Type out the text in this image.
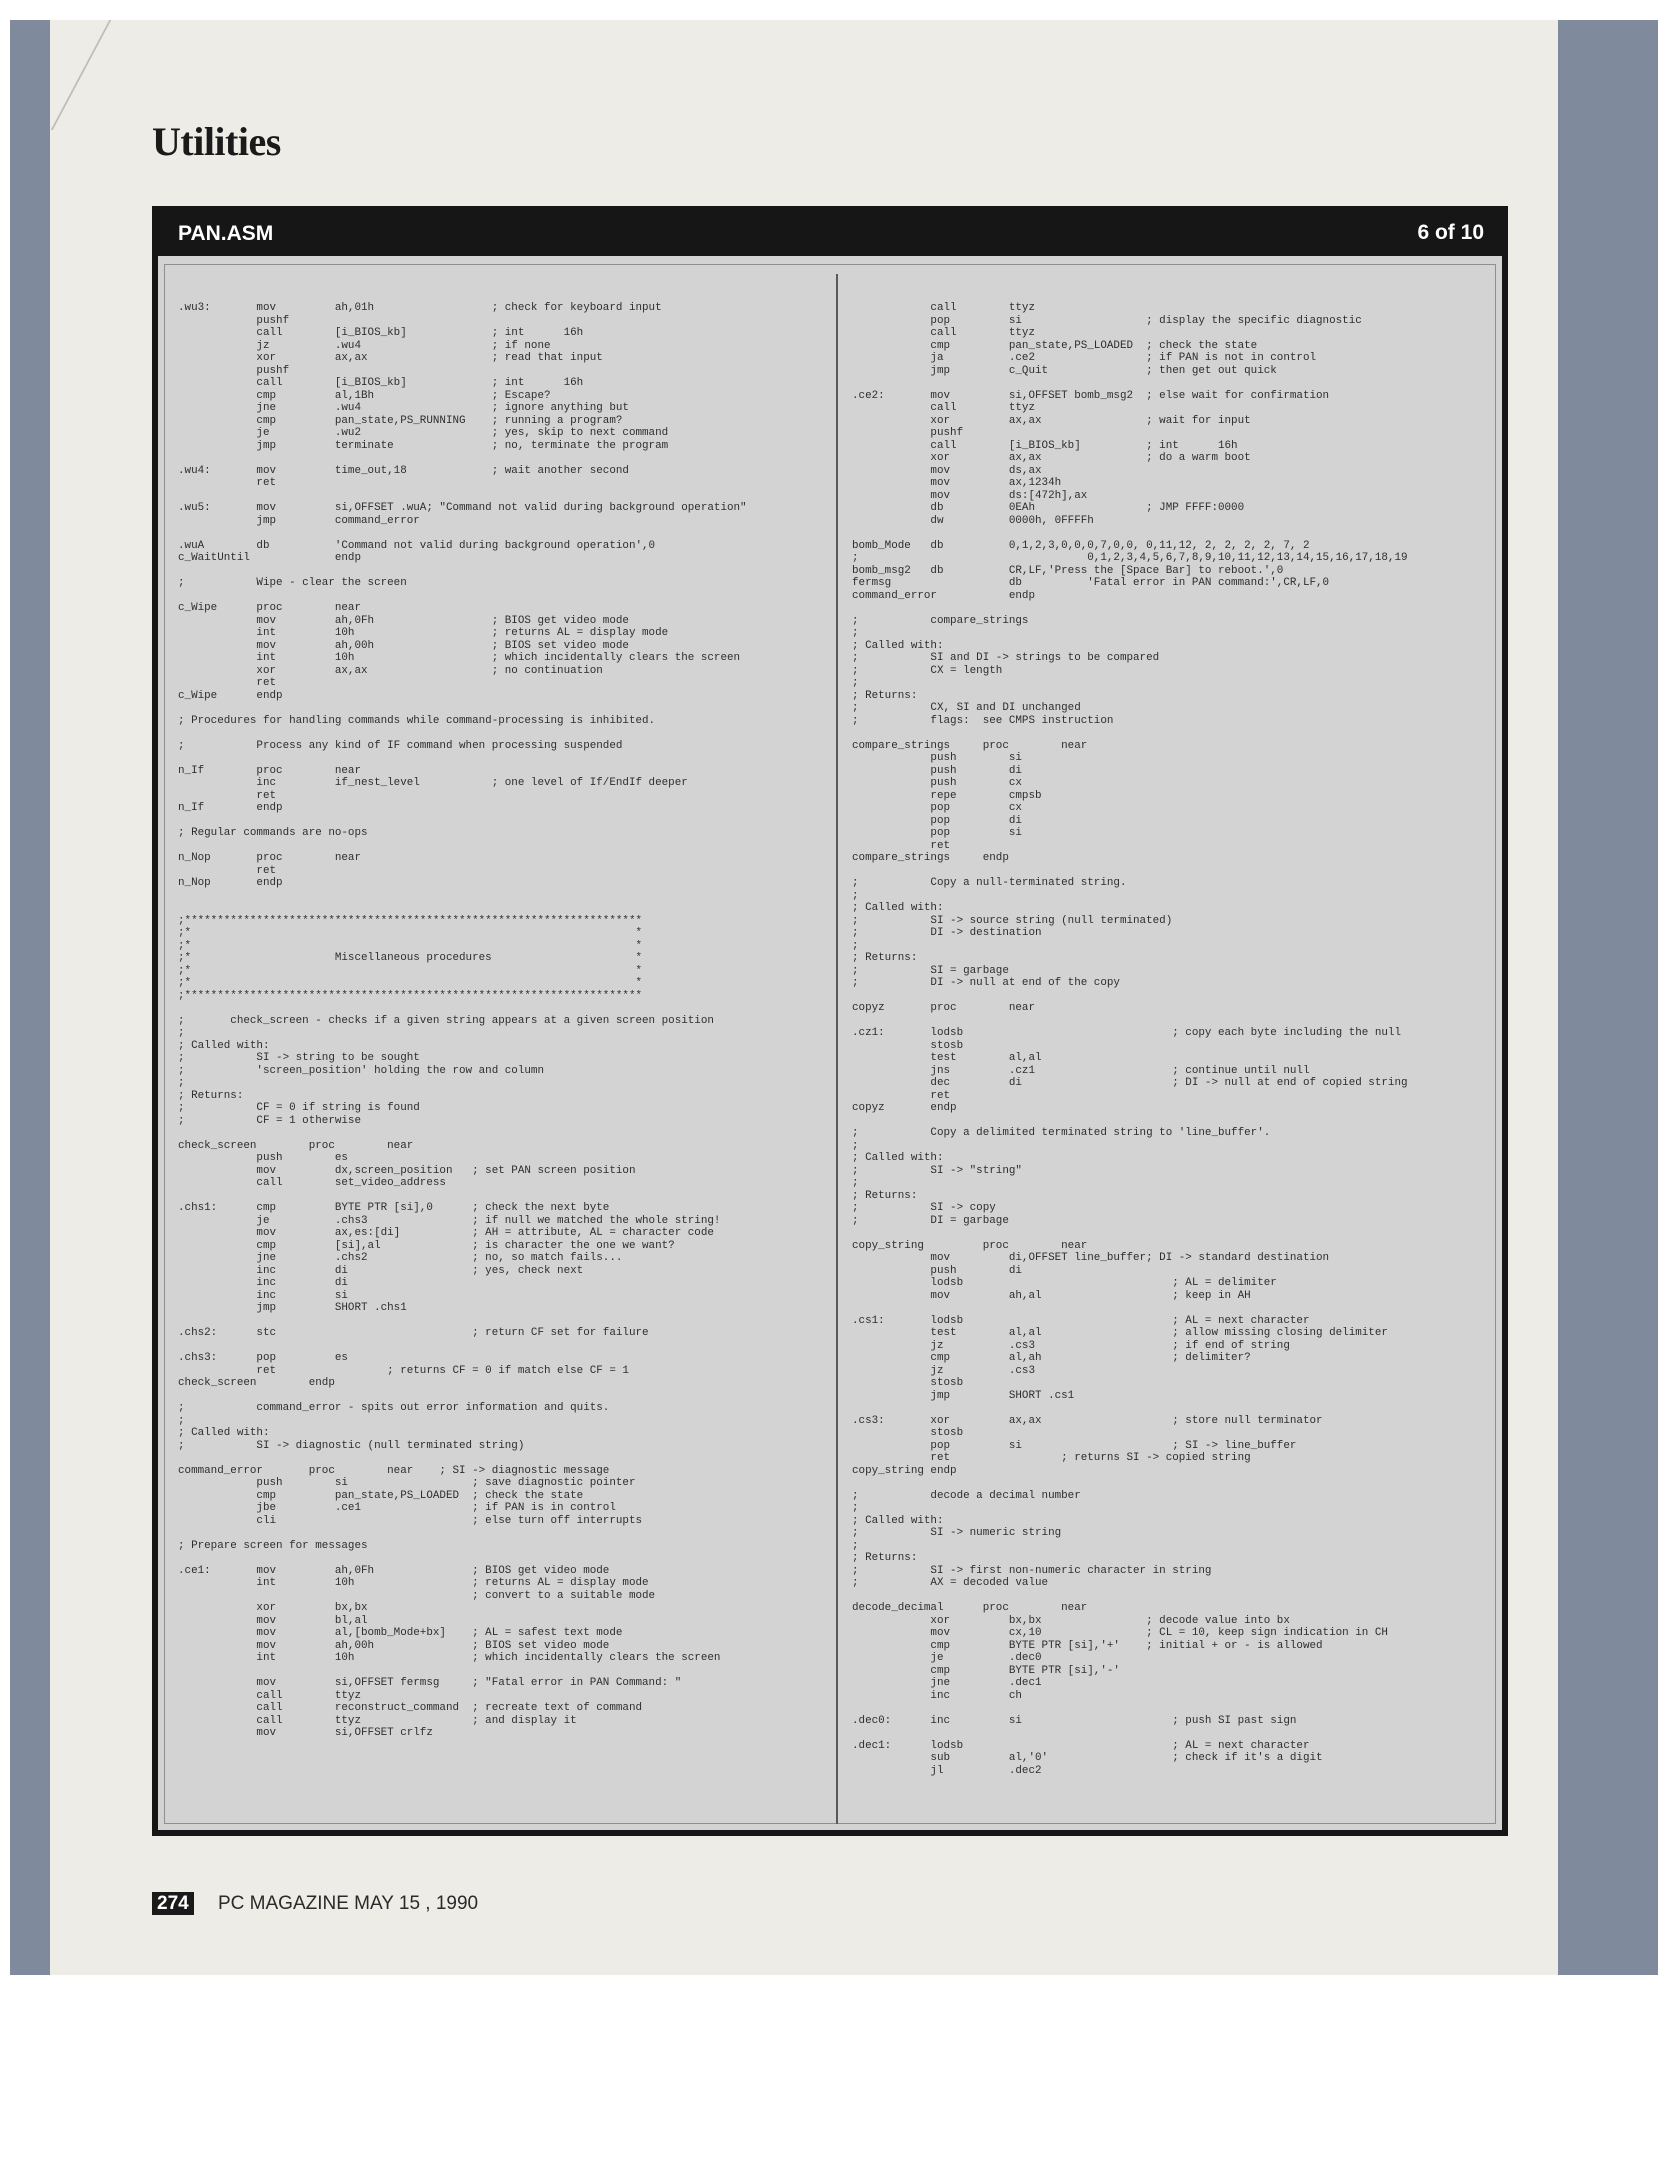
Utilities
PAN.ASM	6 of 10
.wu3:       mov         ah,01h                  ; check for keyboard input
pushf
call        [i_BIOS_kb]             ; int      16h
jz          .wu4                    ; if none
xor         ax,ax                   ; read that input
pushf
call        [i_BIOS_kb]             ; int      16h
cmp         al,1Bh                  ; Escape?
jne         .wu4                    ; ignore anything but
cmp         pan_state,PS_RUNNING    ; running a program?
je          .wu2                    ; yes, skip to next command
jmp         terminate               ; no, terminate the program

.wu4:       mov         time_out,18             ; wait another second
ret

.wu5:       mov         si,OFFSET .wuA; "Command not valid during background operation"
jmp         command_error

.wuA        db          'Command not valid during background operation',0
c_WaitUntil             endp

;           Wipe - clear the screen

c_Wipe      proc        near
mov         ah,0Fh                  ; BIOS get video mode
int         10h                     ; returns AL = display mode
mov         ah,00h                  ; BIOS set video mode
int         10h                     ; which incidentally clears the screen
xor         ax,ax                   ; no continuation
ret
c_Wipe      endp

; Procedures for handling commands while command-processing is inhibited.

;           Process any kind of IF command when processing suspended

n_If        proc        near
inc         if_nest_level           ; one level of If/EndIf deeper
ret
n_If        endp

; Regular commands are no-ops

n_Nop       proc        near
ret
n_Nop       endp

;**********************************************************************
;*                                                                    *
;*                                                                    *
;*                      Miscellaneous procedures                      *
;*                                                                    *
;*                                                                    *
;**********************************************************************

;       check_screen - checks if a given string appears at a given screen position
;
; Called with:
;           SI -> string to be sought
;           'screen_position' holding the row and column
;
; Returns:
;           CF = 0 if string is found
;           CF = 1 otherwise

check_screen        proc        near
push        es
mov         dx,screen_position   ; set PAN screen position
call        set_video_address

.chs1:      cmp         BYTE PTR [si],0      ; check the next byte
je          .chs3                ; if null we matched the whole string!
mov         ax,es:[di]           ; AH = attribute, AL = character code
cmp         [si],al              ; is character the one we want?
jne         .chs2                ; no, so match fails...
inc         di                   ; yes, check next
inc         di
inc         si
jmp         SHORT .chs1

.chs2:      stc                              ; return CF set for failure

.chs3:      pop         es
ret                 ; returns CF = 0 if match else CF = 1
check_screen        endp

;           command_error - spits out error information and quits.
;
; Called with:
;           SI -> diagnostic (null terminated string)

command_error       proc        near    ; SI -> diagnostic message
push        si                   ; save diagnostic pointer
cmp         pan_state,PS_LOADED  ; check the state
jbe         .ce1                 ; if PAN is in control
cli                              ; else turn off interrupts

; Prepare screen for messages

.ce1:       mov         ah,0Fh               ; BIOS get video mode
int         10h                  ; returns AL = display mode
; convert to a suitable mode
xor         bx,bx
mov         bl,al
mov         al,[bomb_Mode+bx]    ; AL = safest text mode
mov         ah,00h               ; BIOS set video mode
int         10h                  ; which incidentally clears the screen

mov         si,OFFSET fermsg     ; "Fatal error in PAN Command: "
call        ttyz
call        reconstruct_command  ; recreate text of command
call        ttyz                 ; and display it
mov         si,OFFSET crlfz
call        ttyz
pop         si                   ; display the specific diagnostic
call        ttyz
cmp         pan_state,PS_LOADED  ; check the state
ja          .ce2                 ; if PAN is not in control
jmp         c_Quit               ; then get out quick

.ce2:       mov         si,OFFSET bomb_msg2  ; else wait for confirmation
call        ttyz
xor         ax,ax                ; wait for input
pushf
call        [i_BIOS_kb]          ; int      16h
xor         ax,ax                ; do a warm boot
mov         ds,ax
mov         ax,1234h
mov         ds:[472h],ax
db          0EAh                 ; JMP FFFF:0000
dw          0000h, 0FFFFh

bomb_Mode   db          0,1,2,3,0,0,0,7,0,0, 0,11,12, 2, 2, 2, 2, 7, 2
;                                   0,1,2,3,4,5,6,7,8,9,10,11,12,13,14,15,16,17,18,19
bomb_msg2   db          CR,LF,'Press the [Space Bar] to reboot.',0
fermsg                  db          'Fatal error in PAN command:',CR,LF,0
command_error           endp

;           compare_strings
;
; Called with:
;           SI and DI -> strings to be compared
;           CX = length
;
; Returns:
;           CX, SI and DI unchanged
;           flags:  see CMPS instruction

compare_strings     proc        near
push        si
push        di
push        cx
repe        cmpsb
pop         cx
pop         di
pop         si
ret
compare_strings     endp

;           Copy a null-terminated string.
;
; Called with:
;           SI -> source string (null terminated)
;           DI -> destination
;
; Returns:
;           SI = garbage
;           DI -> null at end of the copy

copyz       proc        near

.cz1:       lodsb                                ; copy each byte including the null
stosb
test        al,al
jns         .cz1                     ; continue until null
dec         di                       ; DI -> null at end of copied string
ret
copyz       endp

;           Copy a delimited terminated string to 'line_buffer'.
;
; Called with:
;           SI -> "string"
;
; Returns:
;           SI -> copy
;           DI = garbage

copy_string         proc        near
mov         di,OFFSET line_buffer; DI -> standard destination
push        di
lodsb                                ; AL = delimiter
mov         ah,al                    ; keep in AH

.cs1:       lodsb                                ; AL = next character
test        al,al                    ; allow missing closing delimiter
jz          .cs3                     ; if end of string
cmp         al,ah                    ; delimiter?
jz          .cs3
stosb
jmp         SHORT .cs1

.cs3:       xor         ax,ax                    ; store null terminator
stosb
pop         si                       ; SI -> line_buffer
ret                 ; returns SI -> copied string
copy_string endp

;           decode a decimal number
;
; Called with:
;           SI -> numeric string
;
; Returns:
;           SI -> first non-numeric character in string
;           AX = decoded value

decode_decimal      proc        near
xor         bx,bx                ; decode value into bx
mov         cx,10                ; CL = 10, keep sign indication in CH
cmp         BYTE PTR [si],'+'    ; initial + or - is allowed
je          .dec0
cmp         BYTE PTR [si],'-'
jne         .dec1
inc         ch

.dec0:      inc         si                       ; push SI past sign

.dec1:      lodsb                                ; AL = next character
sub         al,'0'                   ; check if it's a digit
jl          .dec2
274 PC MAGAZINE MAY 15 , 1990
